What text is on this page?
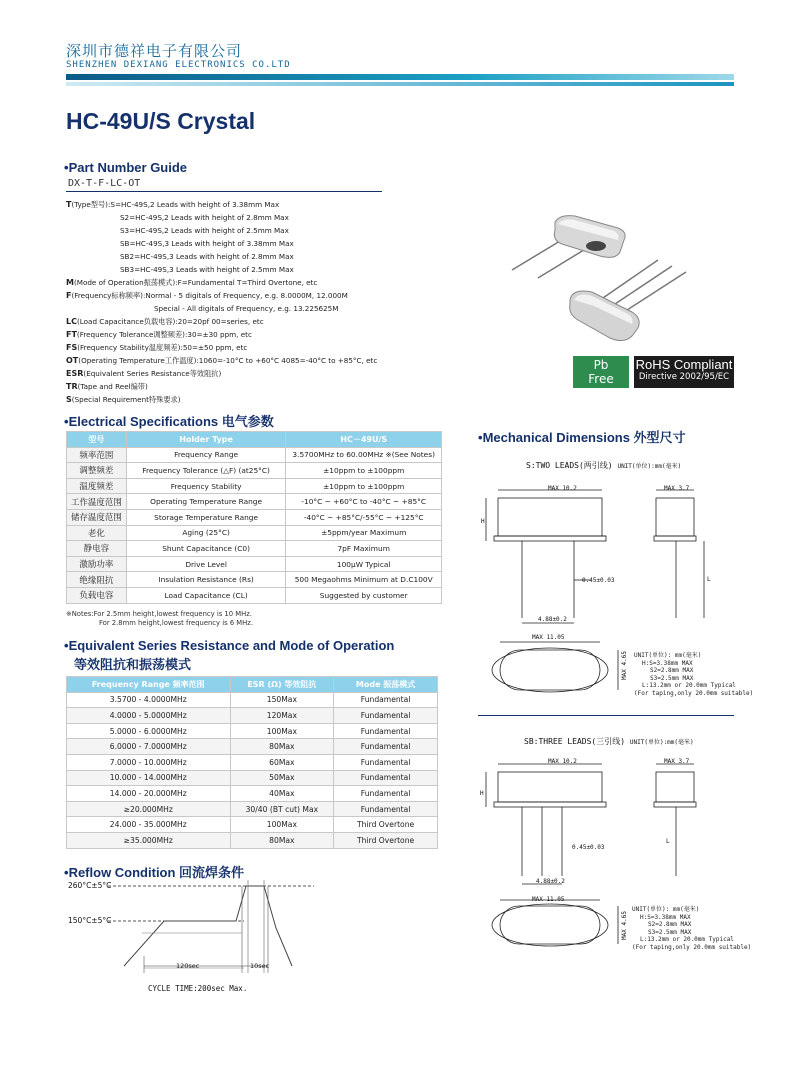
深圳市德祥电子有限公司
SHENZHEN DEXIANG ELECTRONICS CO.LTD
HC-49U/S Crystal
•Part Number Guide
DX-T-F-LC-OT
T(Type型号):S=HC-49S,2 Leads with height of 3.38mm Max
S2=HC-49S,2 Leads with height of 2.8mm Max
S3=HC-49S,2 Leads with height of 2.5mm Max
SB=HC-49S,3 Leads with height of 3.38mm Max
SB2=HC-49S,3 Leads with height of 2.8mm Max
SB3=HC-49S,3 Leads with height of 2.5mm Max
M(Mode of Operation振荡模式):F=Fundamental T=Third Overtone, etc
F(Frequency标称频率):Normal - 5 digitals of Frequency, e.g. 8.0000M, 12.000M
Special - All digitals of Frequency, e.g. 13.225625M
LC(Load Capacitance负载电容):20=20pf 00=series, etc
FT(Frequency Tolerance调整频差):30=±30 ppm, etc
FS(Frequency Stability温度频差):50=±50 ppm, etc
OT(Operating Temperature工作温度):1060=-10°C to +60°C 4085=-40°C to +85°C, etc
ESR(Equivalent Series Resistance等效阻抗)
TR(Tape and Reel编带)
S(Special Requirement特殊要求)
Pb
Free
RoHS Compliant
Directive 2002/95/EC
•Electrical Specifications 电气参数
型号	Holder Type	HC－49U/S
频率范围	Frequency Range	3.5700MHz to 60.00MHz ※(See Notes)
调整频差	Frequency Tolerance (△F) (at25°C)	±10ppm to ±100ppm
温度频差	Frequency Stability	±10ppm to ±100ppm
工作温度范围	Operating Temperature Range	-10°C ~ +60°C to -40°C ~ +85°C
储存温度范围	Storage Temperature Range	-40°C ~ +85°C/-55°C ~ +125°C
老化	Aging (25°C)	±5ppm/year Maximum
静电容	Shunt Capacitance (C0)	7pF Maximum
激励功率	Drive Level	100μW Typical
绝缘阻抗	Insulation Resistance (Rs)	500 Megaohms Minimum at D.C100V
负载电容	Load Capacitance (CL)	Suggested by customer
※Notes:For 2.5mm height,lowest frequency is 10 MHz.
For 2.8mm height,lowest frequency is 6 MHz.
•Equivalent Series Resistance and Mode of Operation
等效阻抗和振荡模式
Frequency Range 频率范围	ESR (Ω) 等效阻抗	Mode 振荡模式
3.5700 - 4.0000MHz	150Max	Fundamental
4.0000 - 5.0000MHz	120Max	Fundamental
5.0000 - 6.0000MHz	100Max	Fundamental
6.0000 - 7.0000MHz	80Max	Fundamental
7.0000 - 10.000MHz	60Max	Fundamental
10.000 - 14.000MHz	50Max	Fundamental
14.000 - 20.000MHz	40Max	Fundamental
≥20.000MHz	30/40 (BT cut) Max	Fundamental
24.000 - 35.000MHz	100Max	Third Overtone
≥35.000MHz	80Max	Third Overtone
•Reflow Condition 回流焊条件
260°C±5°C
150°C±5°C
120sec	10sec
CYCLE TIME:200sec Max.
•Mechanical Dimensions 外型尺寸
S:TWO LEADS(两引线) UNIT(单位):mm(毫米)
MAX 10.2	MAX 3.7
H
L
0.45±0.03
4.88±0.2
MAX 11.05
MAX 4.65 UNIT(单位): mm(毫米)
H:S=3.38mm MAX
S2=2.8mm MAX
S3=2.5mm MAX
L:13.2mm or 20.0mm Typical
(For taping,only 20.0mm suitable)
SB:THREE LEADS(三引线) UNIT(单位):mm(毫米)
MAX 10.2	MAX 3.7
H
L
0.45±0.03
4.88±0.2
MAX 11.05
MAX 4.65
UNIT(单位): mm(毫米)
H:S=3.38mm MAX
S2=2.8mm MAX
S3=2.5mm MAX
L:13.2mm or 20.0mm Typical
(For taping,only 20.0mm suitable)
